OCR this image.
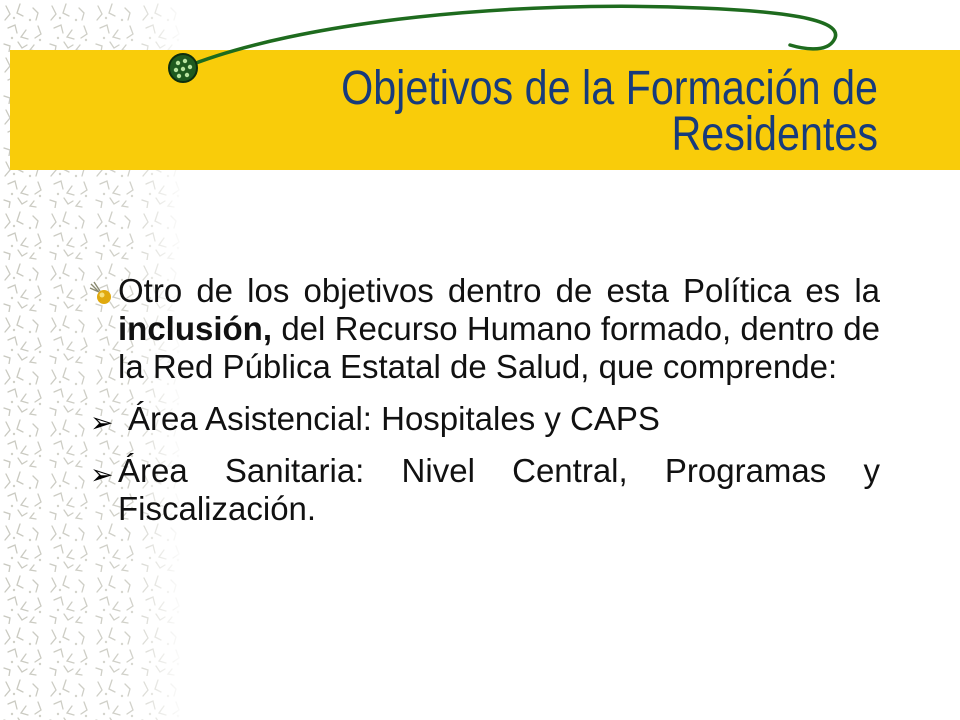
Objetivos de la Formación de Residentes

Otro de los objetivos dentro de esta Política es la inclusión, del Recurso Humano formado, dentro de la Red Pública Estatal de Salud, que comprende:

➢ Área Asistencial: Hospitales y CAPS

➢ Área Sanitaria: Nivel Central, Programas y Fiscalización.
